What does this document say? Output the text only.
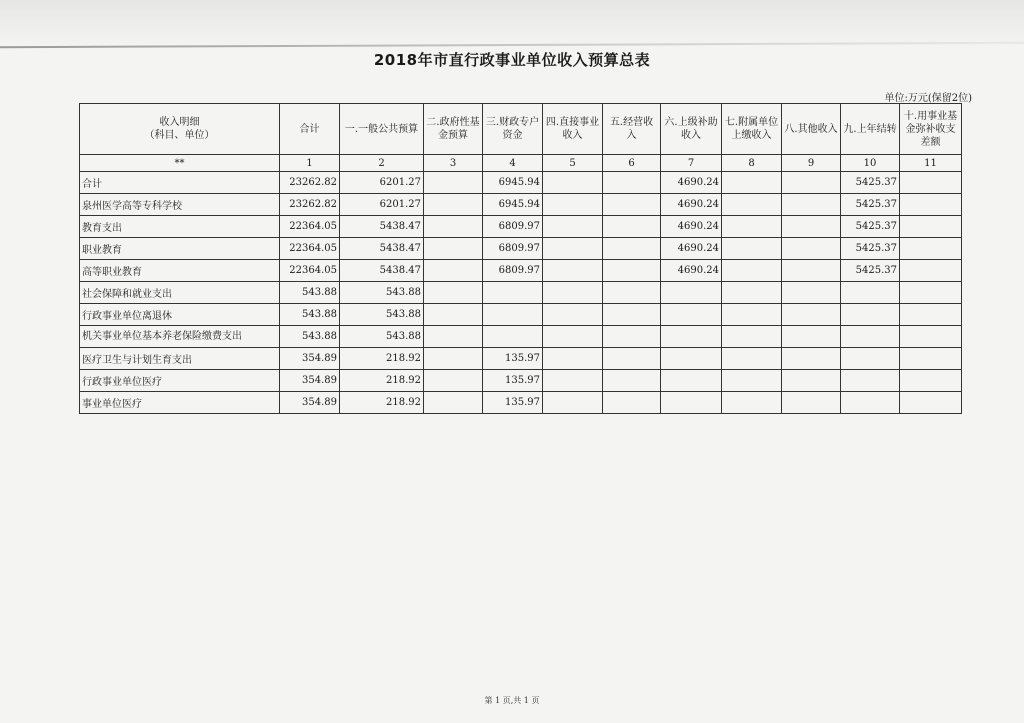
2018年市直行政事业单位收入预算总表
单位:万元(保留2位)
收入明细
（科目、单位）	合计	一.一般公共预算	二.政府性基金预算	三.财政专户资金	四.直接事业收入	五.经营收入	六.上级补助收入	七.附属单位上缴收入	八.其他收入	九.上年结转	十.用事业基金弥补收支差额
**	1	2	3	4	5	6	7	8	9	10	11
合计	23262.82	6201.27		6945.94			4690.24			5425.37	
泉州医学高等专科学校	23262.82	6201.27		6945.94			4690.24			5425.37	
教育支出	22364.05	5438.47		6809.97			4690.24			5425.37	
职业教育	22364.05	5438.47		6809.97			4690.24			5425.37	
高等职业教育	22364.05	5438.47		6809.97			4690.24			5425.37	
社会保障和就业支出	543.88	543.88									
行政事业单位离退休	543.88	543.88									
机关事业单位基本养老保险缴费支出	543.88	543.88									
医疗卫生与计划生育支出	354.89	218.92		135.97							
行政事业单位医疗	354.89	218.92		135.97							
事业单位医疗	354.89	218.92		135.97							
第 1 页,共 1 页
